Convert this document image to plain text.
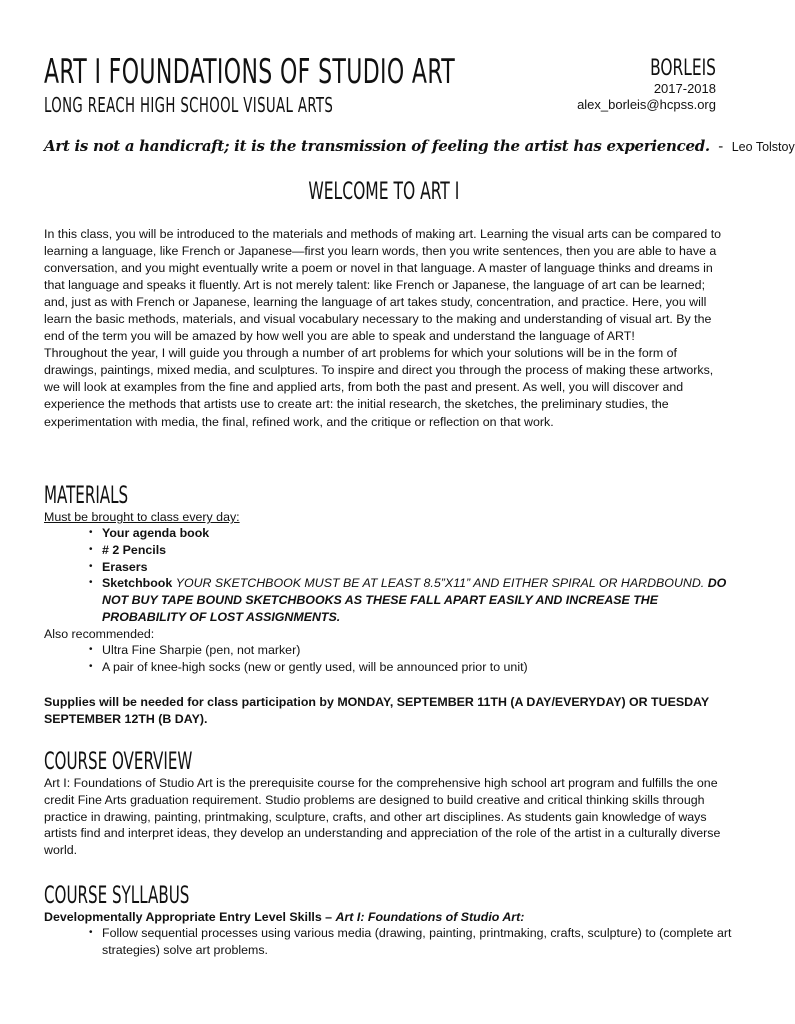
ART I FOUNDATIONS OF STUDIO ART
LONG REACH HIGH SCHOOL VISUAL ARTS
BORLEIS
2017-2018
alex_borleis@hcpss.org
Art is not a handicraft; it is the transmission of feeling the artist has experienced. - Leo Tolstoy
WELCOME TO ART I

In this class, you will be introduced to the materials and methods of making art. Learning the visual arts can be compared to learning a language, like French or Japanese—first you learn words, then you write sentences, then you are able to have a conversation, and you might eventually write a poem or novel in that language. A master of language thinks and dreams in that language and speaks it fluently. Art is not merely talent: like French or Japanese, the language of art can be learned; and, just as with French or Japanese, learning the language of art takes study, concentration, and practice. Here, you will learn the basic methods, materials, and visual vocabulary necessary to the making and understanding of visual art. By the end of the term you will be amazed by how well you are able to speak and understand the language of ART!

Throughout the year, I will guide you through a number of art problems for which your solutions will be in the form of drawings, paintings, mixed media, and sculptures. To inspire and direct you through the process of making these artworks, we will look at examples from the fine and applied arts, from both the past and present. As well, you will discover and experience the methods that artists use to create art: the initial research, the sketches, the preliminary studies, the experimentation with media, the final, refined work, and the critique or reflection on that work.

MATERIALS
Must be brought to class every day:
• Your agenda book
• # 2 Pencils
• Erasers
• Sketchbook YOUR SKETCHBOOK MUST BE AT LEAST 8.5”X11” AND EITHER SPIRAL OR HARDBOUND. DO NOT BUY TAPE BOUND SKETCHBOOKS AS THESE FALL APART EASILY AND INCREASE THE PROBABILITY OF LOST ASSIGNMENTS.
Also recommended:
• Ultra Fine Sharpie (pen, not marker)
• A pair of knee-high socks (new or gently used, will be announced prior to unit)
Supplies will be needed for class participation by MONDAY, SEPTEMBER 11TH (A DAY/EVERYDAY) OR TUESDAY SEPTEMBER 12TH (B DAY).
COURSE OVERVIEW
Art I: Foundations of Studio Art is the prerequisite course for the comprehensive high school art program and fulfills the one credit Fine Arts graduation requirement. Studio problems are designed to build creative and critical thinking skills through practice in drawing, painting, printmaking, sculpture, crafts, and other art disciplines. As students gain knowledge of ways artists find and interpret ideas, they develop an understanding and appreciation of the role of the artist in a culturally diverse world.
COURSE SYLLABUS
Developmentally Appropriate Entry Level Skills – Art I: Foundations of Studio Art:
• Follow sequential processes using various media (drawing, painting, printmaking, crafts, sculpture) to (complete art strategies) solve art problems.
